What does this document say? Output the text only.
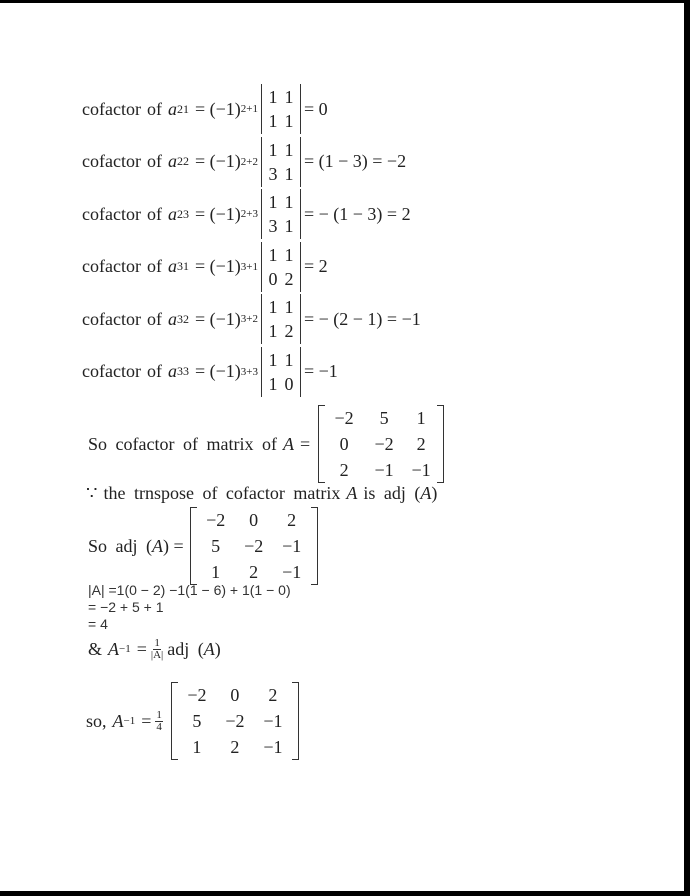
cofactor of a 21 = (−1) 2+1
1 1
1 1
= 0
cofactor of a 22 = (−1) 2+2
1 1
3 1
= (1 − 3) = −2
cofactor of a 23 = (−1) 2+3
1 1
3 1
= − (1 − 3) = 2
cofactor of a 31 = (−1) 3+1
1 1
0 2
= 2
cofactor of a 32 = (−1) 3+2
1 1
1 2
= − (2 − 1) = −1
cofactor of a 33 = (−1) 3+3
1 1
1 0
= −1
So cofactor of matrix of A =
−2	5	1
0	−2	2
2	−1 −1
∵ the trnspose of cofactor matrix A is adj ( A )
So adj ( A ) =
−2	0	2
5	−2	−1
1	2	−1
|A| =1(0 − 2) −1(1 − 6) + 1(1 − 0)
= −2 + 5 + 1
= 4
& $A -1 = \frac{1}{|A|}$ adj ( A )
so, $A -1 = \frac{1}{4}$
−2	0	2
5	−2	−1
1	2	−1
